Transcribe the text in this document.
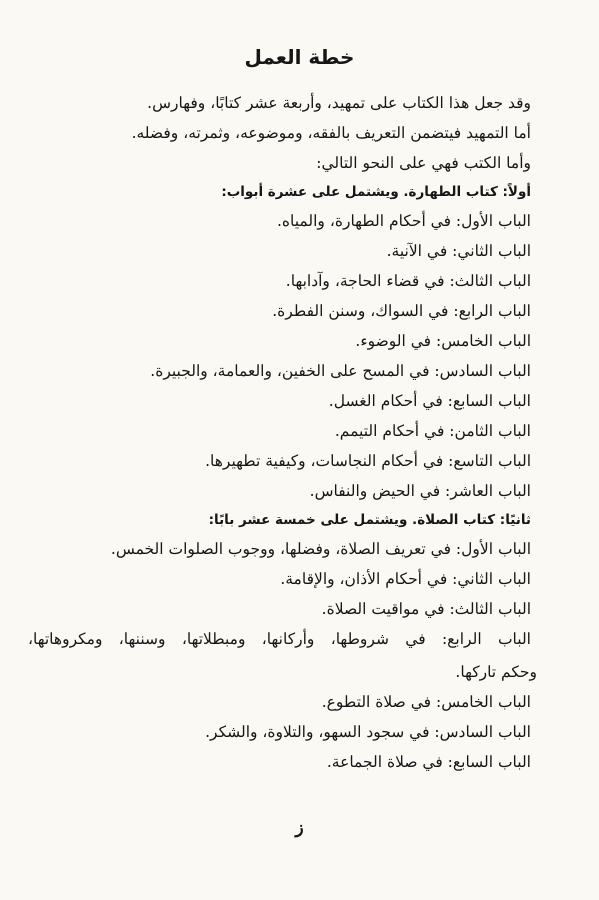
خطة العمل
وقد جعل هذا الكتاب على تمهيد، وأربعة عشر كتابًا، وفهارس.
أما التمهيد فيتضمن التعريف بالفقه، وموضوعه، وثمرته، وفضله.
وأما الكتب فهي على النحو التالي:
أولاً: كتاب الطهارة. ويشتمل على عشرة أبواب:
الباب الأول: في أحكام الطهارة، والمياه.
الباب الثاني: في الآنية.
الباب الثالث: في قضاء الحاجة، وآدابها.
الباب الرابع: في السواك، وسنن الفطرة.
الباب الخامس: في الوضوء.
الباب السادس: في المسح على الخفين، والعمامة، والجبيرة.
الباب السابع: في أحكام الغسل.
الباب الثامن: في أحكام التيمم.
الباب التاسع: في أحكام النجاسات، وكيفية تطهيرها.
الباب العاشر: في الحيض والنفاس.
ثانيًا: كتاب الصلاة. ويشتمل على خمسة عشر بابًا:
الباب الأول: في تعريف الصلاة، وفضلها، ووجوب الصلوات الخمس.
الباب الثاني: في أحكام الأذان، والإقامة.
الباب الثالث: في مواقيت الصلاة.
الباب الرابع: في شروطها، وأركانها، ومبطلاتها، وسننها، ومكروهاتها،
وحكم تاركها.
الباب الخامس: في صلاة التطوع.
الباب السادس: في سجود السهو، والتلاوة، والشكر.
الباب السابع: في صلاة الجماعة.
ز
